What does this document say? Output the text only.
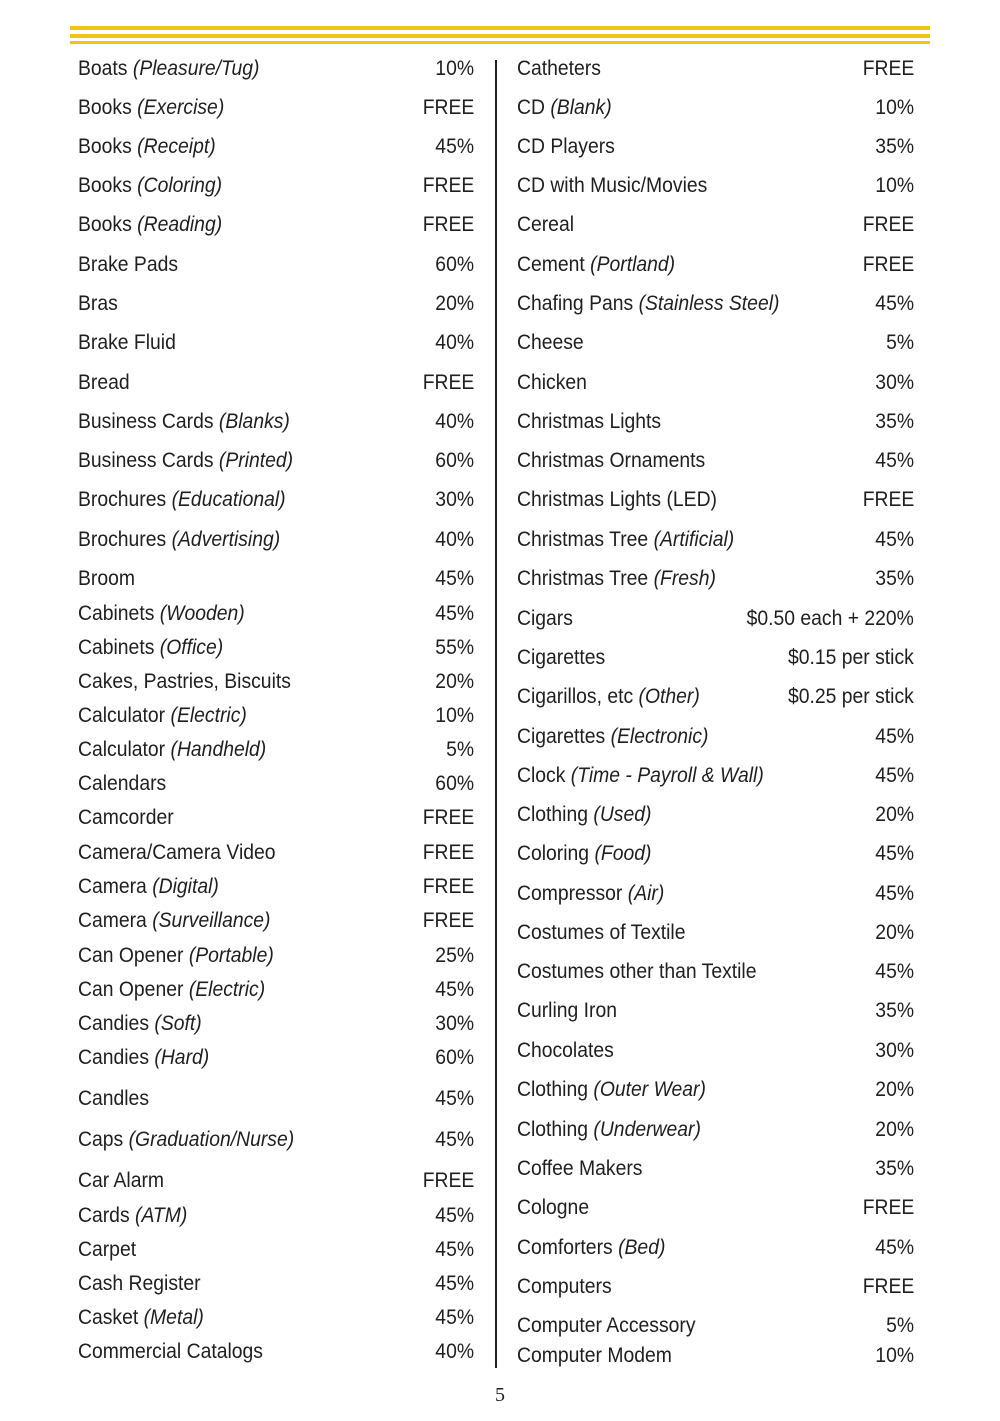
Boats (Pleasure/Tug)	10%
Books (Exercise)	FREE
Books (Receipt)	45%
Books (Coloring)	FREE
Books (Reading)	FREE
Brake Pads	60%
Bras	20%
Brake Fluid	40%
Bread	FREE
Business Cards (Blanks)	40%
Business Cards (Printed)	60%
Brochures (Educational)	30%
Brochures (Advertising)	40%
Broom	45%
Cabinets (Wooden)	45%
Cabinets (Office)	55%
Cakes, Pastries, Biscuits	20%
Calculator (Electric)	10%
Calculator (Handheld)	5%
Calendars	60%
Camcorder	FREE
Camera/Camera Video	FREE
Camera (Digital)	FREE
Camera (Surveillance)	FREE
Can Opener (Portable)	25%
Can Opener (Electric)	45%
Candies (Soft)	30%
Candies (Hard)	60%
Candles	45%
Caps (Graduation/Nurse)	45%
Car Alarm	FREE
Cards (ATM)	45%
Carpet	45%
Cash Register	45%
Casket (Metal)	45%
Commercial Catalogs	40%
Catheters	FREE
CD (Blank)	10%
CD Players	35%
CD with Music/Movies	10%
Cereal	FREE
Cement (Portland)	FREE
Chafing Pans (Stainless Steel)	45%
Cheese	5%
Chicken	30%
Christmas Lights	35%
Christmas Ornaments	45%
Christmas Lights (LED)	FREE
Christmas Tree (Artificial)	45%
Christmas Tree (Fresh)	35%
Cigars	$0.50 each + 220%
Cigarettes	$0.15 per stick
Cigarillos, etc (Other)	$0.25 per stick
Cigarettes (Electronic)	45%
Clock (Time - Payroll & Wall)	45%
Clothing (Used)	20%
Coloring (Food)	45%
Compressor (Air)	45%
Costumes of Textile	20%
Costumes other than Textile	45%
Curling Iron	35%
Chocolates	30%
Clothing (Outer Wear)	20%
Clothing (Underwear)	20%
Coffee Makers	35%
Cologne	FREE
Comforters (Bed)	45%
Computers	FREE
Computer Accessory	5%
Computer Modem	10%
5
